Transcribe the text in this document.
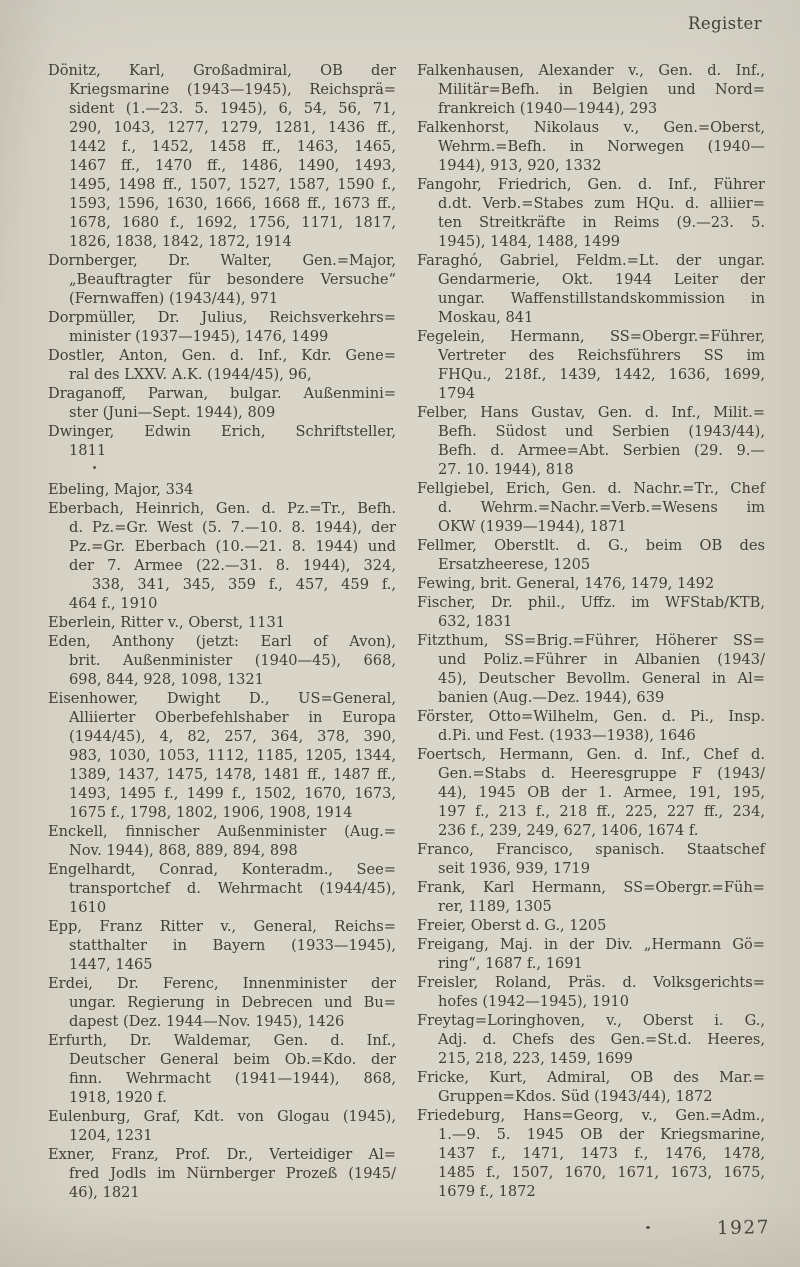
Register
Dönitz, Karl, Großadmiral, OB der
Kriegsmarine (1943—1945), Reichsprä=
sident (1.—23. 5. 1945), 6, 54, 56, 71,
290, 1043, 1277, 1279, 1281, 1436 ff.,
1442 f., 1452, 1458 ff., 1463, 1465,
1467 ff., 1470 ff., 1486, 1490, 1493,
1495, 1498 ff., 1507, 1527, 1587, 1590 f.,
1593, 1596, 1630, 1666, 1668 ff., 1673 ff.,
1678, 1680 f., 1692, 1756, 1171, 1817,
1826, 1838, 1842, 1872, 1914
Dornberger, Dr. Walter, Gen.=Major,
„Beauftragter für besondere Versuche“
(Fernwaffen) (1943/44), 971
Dorpmüller, Dr. Julius, Reichsverkehrs=
minister (1937—1945), 1476, 1499
Dostler, Anton, Gen. d. Inf., Kdr. Gene=
ral des LXXV. A.K. (1944/45), 96,
Draganoff, Parwan, bulgar. Außenmini=
ster (Juni—Sept. 1944), 809
Dwinger, Edwin Erich, Schriftsteller,
1811
Ebeling, Major, 334
Eberbach, Heinrich, Gen. d. Pz.=Tr., Befh.
d. Pz.=Gr. West (5. 7.—10. 8. 1944), der
Pz.=Gr. Eberbach (10.—21. 8. 1944) und
der 7. Armee (22.—31. 8. 1944), 324,
338, 341, 345, 359 f., 457, 459 f.,
464 f., 1910
Eberlein, Ritter v., Oberst, 1131
Eden, Anthony (jetzt: Earl of Avon),
brit. Außenminister (1940—45), 668,
698, 844, 928, 1098, 1321
Eisenhower, Dwight D., US=General,
Alliierter Oberbefehlshaber in Europa
(1944/45), 4, 82, 257, 364, 378, 390,
983, 1030, 1053, 1112, 1185, 1205, 1344,
1389, 1437, 1475, 1478, 1481 ff., 1487 ff.,
1493, 1495 f., 1499 f., 1502, 1670, 1673,
1675 f., 1798, 1802, 1906, 1908, 1914
Enckell, finnischer Außenminister (Aug.=
Nov. 1944), 868, 889, 894, 898
Engelhardt, Conrad, Konteradm., See=
transportchef d. Wehrmacht (1944/45),
1610
Epp, Franz Ritter v., General, Reichs=
statthalter in Bayern (1933—1945),
1447, 1465
Erdei, Dr. Ferenc, Innenminister der
ungar. Regierung in Debrecen und Bu=
dapest (Dez. 1944—Nov. 1945), 1426
Erfurth, Dr. Waldemar, Gen. d. Inf.,
Deutscher General beim Ob.=Kdo. der
finn. Wehrmacht (1941—1944), 868,
1918, 1920 f.
Eulenburg, Graf, Kdt. von Glogau (1945),
1204, 1231
Exner, Franz, Prof. Dr., Verteidiger Al=
fred Jodls im Nürnberger Prozeß (1945/
46), 1821
Falkenhausen, Alexander v., Gen. d. Inf.,
Militär=Befh. in Belgien und Nord=
frankreich (1940—1944), 293
Falkenhorst, Nikolaus v., Gen.=Oberst,
Wehrm.=Befh. in Norwegen (1940—
1944), 913, 920, 1332
Fangohr, Friedrich, Gen. d. Inf., Führer
d.dt. Verb.=Stabes zum HQu. d. alliier=
ten Streitkräfte in Reims (9.—23. 5.
1945), 1484, 1488, 1499
Faraghó, Gabriel, Feldm.=Lt. der ungar.
Gendarmerie, Okt. 1944 Leiter der
ungar. Waffenstillstandskommission in
Moskau, 841
Fegelein, Hermann, SS=Obergr.=Führer,
Vertreter des Reichsführers SS im
FHQu., 218f., 1439, 1442, 1636, 1699,
1794
Felber, Hans Gustav, Gen. d. Inf., Milit.=
Befh. Südost und Serbien (1943/44),
Befh. d. Armee=Abt. Serbien (29. 9.—
27. 10. 1944), 818
Fellgiebel, Erich, Gen. d. Nachr.=Tr., Chef
d. Wehrm.=Nachr.=Verb.=Wesens im
OKW (1939—1944), 1871
Fellmer, Oberstlt. d. G., beim OB des
Ersatzheerese, 1205
Fewing, brit. General, 1476, 1479, 1492
Fischer, Dr. phil., Uffz. im WFStab/KTB,
632, 1831
Fitzthum, SS=Brig.=Führer, Höherer SS=
und Poliz.=Führer in Albanien (1943/
45), Deutscher Bevollm. General in Al=
banien (Aug.—Dez. 1944), 639
Förster, Otto=Wilhelm, Gen. d. Pi., Insp.
d.Pi. und Fest. (1933—1938), 1646
Foertsch, Hermann, Gen. d. Inf., Chef d.
Gen.=Stabs d. Heeresgruppe F (1943/
44), 1945 OB der 1. Armee, 191, 195,
197 f., 213 f., 218 ff., 225, 227 ff., 234,
236 f., 239, 249, 627, 1406, 1674 f.
Franco, Francisco, spanisch. Staatschef
seit 1936, 939, 1719
Frank, Karl Hermann, SS=Obergr.=Füh=
rer, 1189, 1305
Freier, Oberst d. G., 1205
Freigang, Maj. in der Div. „Hermann Gö=
ring“, 1687 f., 1691
Freisler, Roland, Präs. d. Volksgerichts=
hofes (1942—1945), 1910
Freytag=Loringhoven, v., Oberst i. G.,
Adj. d. Chefs des Gen.=St.d. Heeres,
215, 218, 223, 1459, 1699
Fricke, Kurt, Admiral, OB des Mar.=
Gruppen=Kdos. Süd (1943/44), 1872
Friedeburg, Hans=Georg, v., Gen.=Adm.,
1.—9. 5. 1945 OB der Kriegsmarine,
1437 f., 1471, 1473 f., 1476, 1478,
1485 f., 1507, 1670, 1671, 1673, 1675,
1679 f., 1872
1927
